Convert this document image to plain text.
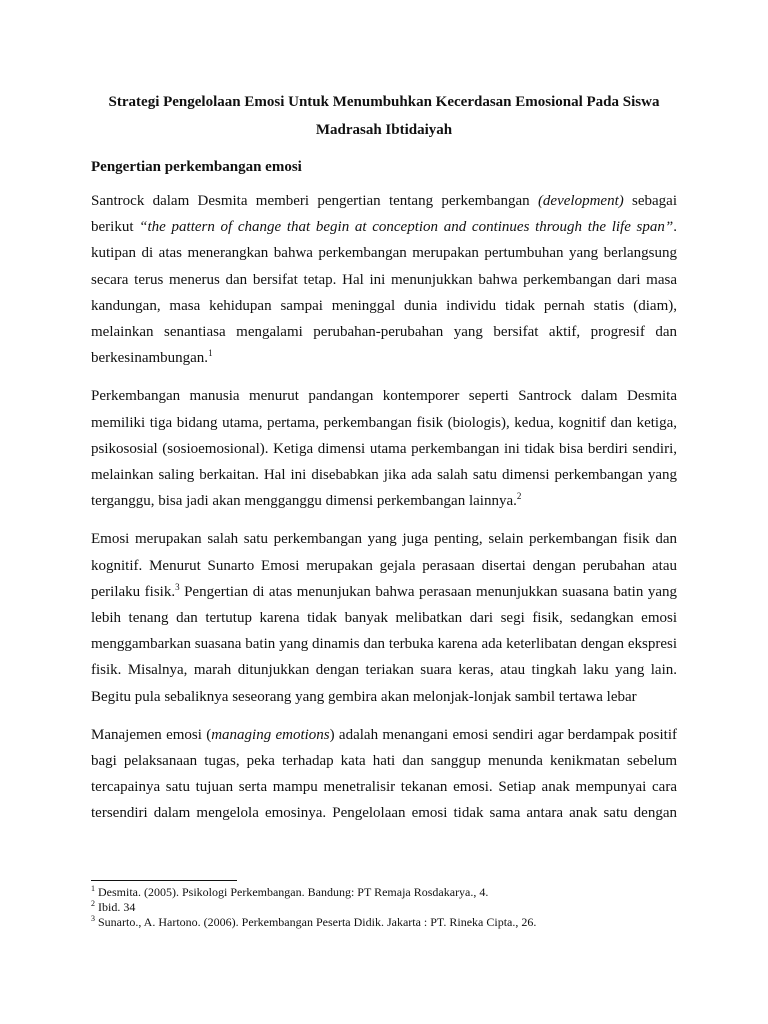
Strategi Pengelolaan Emosi Untuk Menumbuhkan Kecerdasan Emosional Pada Siswa
Madrasah Ibtidaiyah

Pengertian perkembangan emosi

Santrock dalam Desmita memberi pengertian tentang perkembangan (development) sebagai berikut “the pattern of change that begin at conception and continues through the life span”. kutipan di atas menerangkan bahwa perkembangan merupakan pertumbuhan yang berlangsung secara terus menerus dan bersifat tetap. Hal ini menunjukkan bahwa perkembangan dari masa kandungan, masa kehidupan sampai meninggal dunia individu tidak pernah statis (diam), melainkan senantiasa mengalami perubahan-perubahan yang bersifat aktif, progresif dan berkesinambungan.$^1$

Perkembangan manusia menurut pandangan kontemporer seperti Santrock dalam Desmita memiliki tiga bidang utama, pertama, perkembangan fisik (biologis), kedua, kognitif dan ketiga, psikososial (sosioemosional). Ketiga dimensi utama perkembangan ini tidak bisa berdiri sendiri, melainkan saling berkaitan. Hal ini disebabkan jika ada salah satu dimensi perkembangan yang terganggu, bisa jadi akan mengganggu dimensi perkembangan lainnya.$^2$

Emosi merupakan salah satu perkembangan yang juga penting, selain perkembangan fisik dan kognitif. Menurut Sunarto Emosi merupakan gejala perasaan disertai dengan perubahan atau perilaku fisik.$^3$ Pengertian di atas menunjukan bahwa perasaan menunjukkan suasana batin yang lebih tenang dan tertutup karena tidak banyak melibatkan dari segi fisik, sedangkan emosi menggambarkan suasana batin yang dinamis dan terbuka karena ada keterlibatan dengan ekspresi fisik. Misalnya, marah ditunjukkan dengan teriakan suara keras, atau tingkah laku yang lain. Begitu pula sebaliknya seseorang yang gembira akan melonjak-lonjak sambil tertawa lebar

Manajemen emosi (managing emotions) adalah menangani emosi sendiri agar berdampak positif bagi pelaksanaan tugas, peka terhadap kata hati dan sanggup menunda kenikmatan sebelum tercapainya satu tujuan serta mampu menetralisir tekanan emosi. Setiap anak mempunyai cara tersendiri dalam mengelola emosinya. Pengelolaan emosi tidak sama antara anak satu dengan

$^1$ Desmita. (2005). Psikologi Perkembangan. Bandung: PT Remaja Rosdakarya., 4.

$^2$ Ibid. 34

$^3$ Sunarto., A. Hartono. (2006). Perkembangan Peserta Didik. Jakarta : PT. Rineka Cipta., 26.
